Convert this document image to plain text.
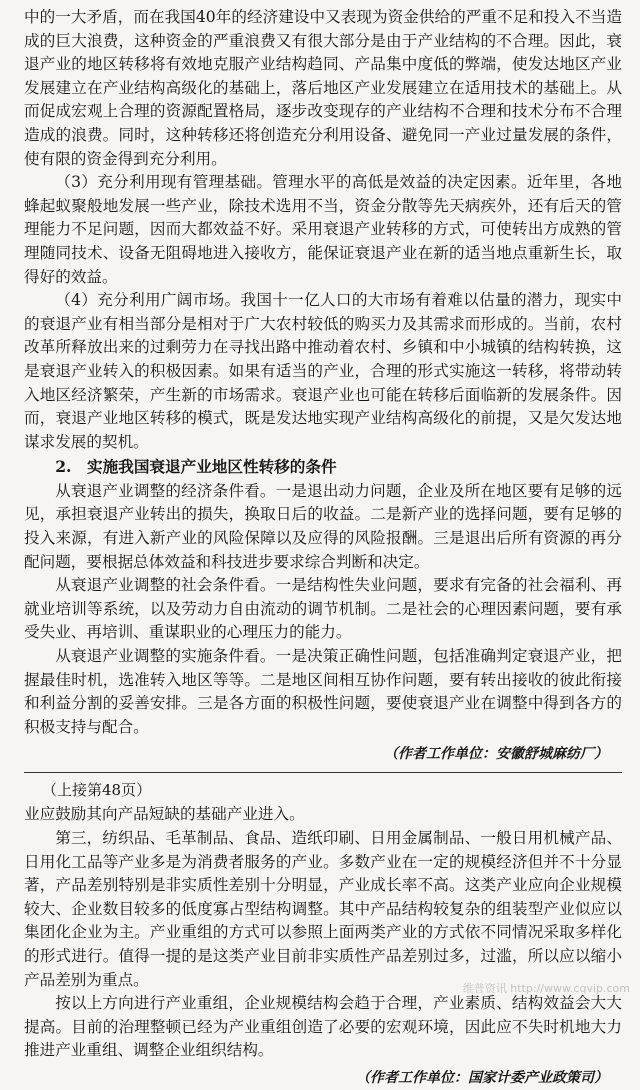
中的一大矛盾，而在我国40年的经济建设中又表现为资金供给的严重不足和投入不当造成的巨大浪费，这种资金的严重浪费又有很大部分是由于产业结构的不合理。因此，衰退产业的地区转移将有效地克服产业结构趋同、产品集中度低的弊端，使发达地区产业发展建立在产业结构高级化的基础上，落后地区产业发展建立在适用技术的基础上。从而促成宏观上合理的资源配置格局，逐步改变现存的产业结构不合理和技术分布不合理造成的浪费。同时，这种转移还将创造充分利用设备、避免同一产业过量发展的条件，使有限的资金得到充分利用。

（3）充分利用现有管理基础。管理水平的高低是效益的决定因素。近年里，各地蜂起蚁聚般地发展一些产业，除技术选用不当，资金分散等先天病疾外，还有后天的管理能力不足问题，因而大都效益不好。采用衰退产业转移的方式，可使转出方成熟的管理随同技术、设备无阻碍地进入接收方，能保证衰退产业在新的适当地点重新生长，取得好的效益。

（4）充分利用广阔市场。我国十一亿人口的大市场有着难以估量的潜力，现实中的衰退产业有相当部分是相对于广大农村较低的购买力及其需求而形成的。当前，农村改革所释放出来的过剩劳力在寻找出路中推动着农村、乡镇和中小城镇的结构转换，这是衰退产业转入的积极因素。如果有适当的产业，合理的形式实施这一转移，将带动转入地区经济繁荣，产生新的市场需求。衰退产业也可能在转移后面临新的发展条件。因而，衰退产业地区转移的模式，既是发达地实现产业结构高级化的前提，又是欠发达地谋求发展的契机。

2.　实施我国衰退产业地区性转移的条件

从衰退产业调整的经济条件看。一是退出动力问题，企业及所在地区要有足够的远见，承担衰退产业转出的损失，换取日后的收益。二是新产业的选择问题，要有足够的投入来源，有进入新产业的风险保障以及应得的风险报酬。三是退出后所有资源的再分配问题，要根据总体效益和科技进步要求综合判断和决定。

从衰退产业调整的社会条件看。一是结构性失业问题，要求有完备的社会福利、再就业培训等系统，以及劳动力自由流动的调节机制。二是社会的心理因素问题，要有承受失业、再培训、重谋职业的心理压力的能力。

从衰退产业调整的实施条件看。一是决策正确性问题，包括准确判定衰退产业，把握最佳时机，选准转入地区等等。二是地区间相互协作问题，要有转出接收的彼此衔接和利益分割的妥善安排。三是各方面的积极性问题，要使衰退产业在调整中得到各方的积极支持与配合。

（作者工作单位：安徽舒城麻纺厂）

（上接第48页）

业应鼓励其向产品短缺的基础产业进入。

第三，纺织品、毛革制品、食品、造纸印刷、日用金属制品、一般日用机械产品、日用化工品等产业多是为消费者服务的产业。多数产业在一定的规模经济但并不十分显著，产品差别特别是非实质性差别十分明显，产业成长率不高。这类产业应向企业规模较大、企业数目较多的低度寡占型结构调整。其中产品结构较复杂的组装型产业似应以集团化企业为主。产业重组的方式可以参照上面两类产业的方式依不同情况采取多样化的形式进行。值得一提的是这类产业目前非实质性产品差别过多，过滥，所以应以缩小产品差别为重点。

按以上方向进行产业重组，企业规模结构会趋于合理，产业素质、结构效益会大大提高。目前的治理整顿已经为产业重组创造了必要的宏观环境，因此应不失时机地大力推进产业重组、调整企业组织结构。

（作者工作单位：国家计委产业政策司）

维普资讯 http://www.cqvip.com
